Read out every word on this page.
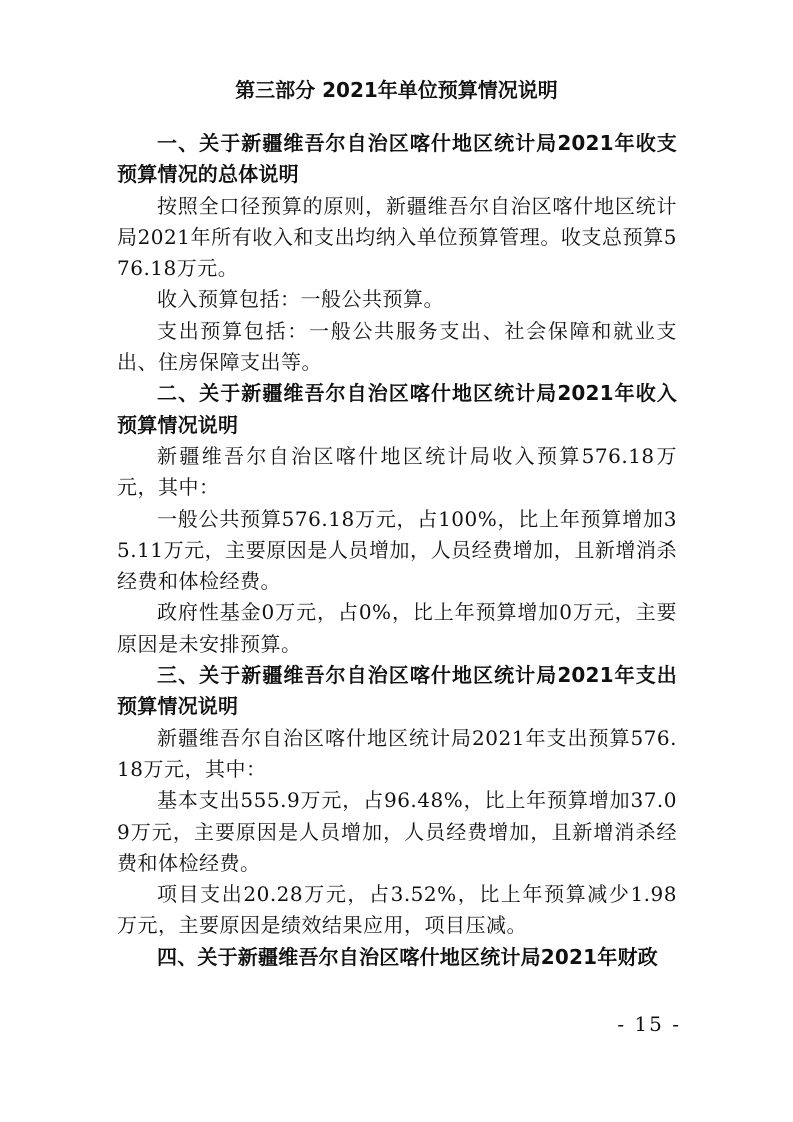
第三部分 2021年单位预算情况说明

一、关于新疆维吾尔自治区喀什地区统计局2021年收支预算情况的总体说明

按照全口径预算的原则，新疆维吾尔自治区喀什地区统计局2021年所有收入和支出均纳入单位预算管理。收支总预算576.18万元。

收入预算包括：一般公共预算。

支出预算包括：一般公共服务支出、社会保障和就业支出、住房保障支出等。

二、关于新疆维吾尔自治区喀什地区统计局2021年收入预算情况说明

新疆维吾尔自治区喀什地区统计局收入预算576.18万元，其中：

一般公共预算576.18万元，占100%，比上年预算增加35.11万元，主要原因是人员增加，人员经费增加，且新增消杀经费和体检经费。

政府性基金0万元，占0%，比上年预算增加0万元，主要原因是未安排预算。

三、关于新疆维吾尔自治区喀什地区统计局2021年支出预算情况说明

新疆维吾尔自治区喀什地区统计局2021年支出预算576.18万元，其中：

基本支出555.9万元，占96.48%，比上年预算增加37.09万元，主要原因是人员增加，人员经费增加，且新增消杀经费和体检经费。

项目支出20.28万元，占3.52%，比上年预算减少1.98万元，主要原因是绩效结果应用，项目压减。

四、关于新疆维吾尔自治区喀什地区统计局2021年财政

- 15 -
